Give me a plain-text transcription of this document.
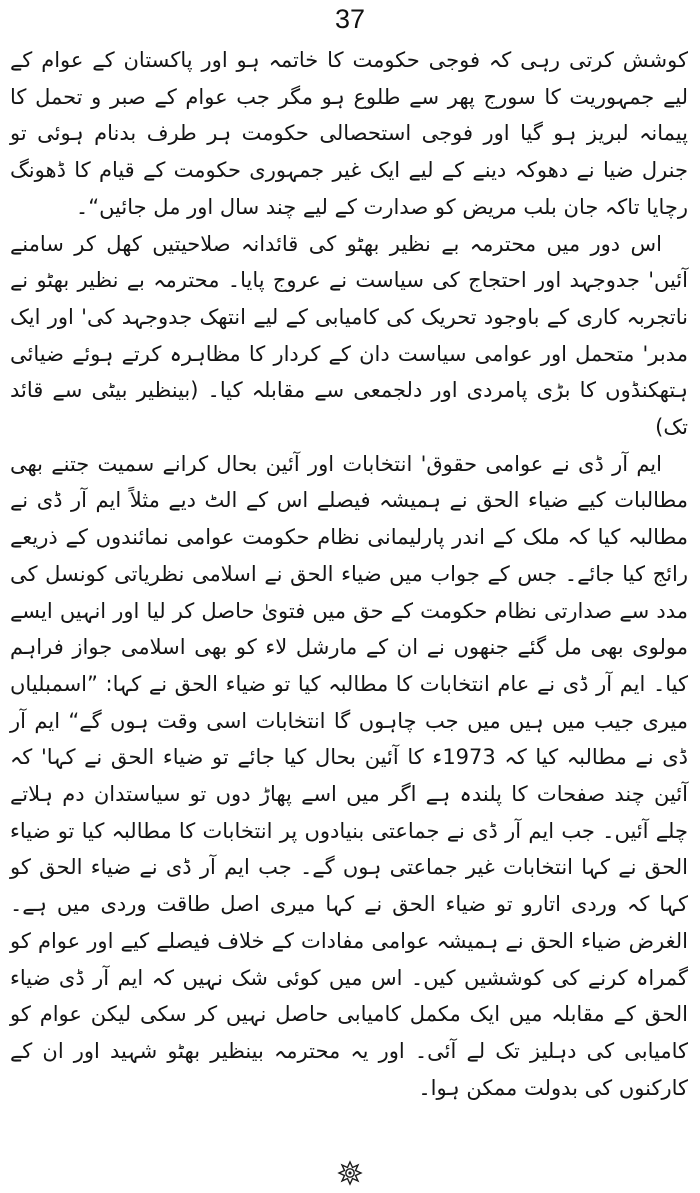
37

کوشش کرتی رہی کہ فوجی حکومت کا خاتمہ ہو اور پاکستان کے عوام کے لیے جمہوریت کا سورج پھر سے طلوع ہو مگر جب عوام کے صبر و تحمل کا پیمانہ لبریز ہو گیا اور فوجی استحصالی حکومت ہر طرف بدنام ہوئی تو جنرل ضیا نے دھوکہ دینے کے لیے ایک غیر جمہوری حکومت کے قیام کا ڈھونگ رچایا تاکہ جان بلب مریض کو صدارت کے لیے چند سال اور مل جائیں“۔

اس دور میں محترمہ بے نظیر بھٹو کی قائدانہ صلاحیتیں کھل کر سامنے آئیں' جدوجہد اور احتجاج کی سیاست نے عروج پایا۔ محترمہ بے نظیر بھٹو نے ناتجربہ کاری کے باوجود تحریک کی کامیابی کے لیے انتھک جدوجہد کی' اور ایک مدبر' متحمل اور عوامی سیاست دان کے کردار کا مظاہرہ کرتے ہوئے ضیائی ہتھکنڈوں کا بڑی پامردی اور دلجمعی سے مقابلہ کیا۔ (بینظیر بیٹی سے قائد تک)

ایم آر ڈی نے عوامی حقوق' انتخابات اور آئین بحال کرانے سمیت جتنے بھی مطالبات کیے ضیاء الحق نے ہمیشہ فیصلے اس کے الٹ دیے مثلاً ایم آر ڈی نے مطالبہ کیا کہ ملک کے اندر پارلیمانی نظام حکومت عوامی نمائندوں کے ذریعے رائج کیا جائے۔ جس کے جواب میں ضیاء الحق نے اسلامی نظریاتی کونسل کی مدد سے صدارتی نظام حکومت کے حق میں فتویٰ حاصل کر لیا اور انہیں ایسے مولوی بھی مل گئے جنھوں نے ان کے مارشل لاء کو بھی اسلامی جواز فراہم کیا۔ ایم آر ڈی نے عام انتخابات کا مطالبہ کیا تو ضیاء الحق نے کہا: ”اسمبلیاں میری جیب میں ہیں میں جب چاہوں گا انتخابات اسی وقت ہوں گے“ ایم آر ڈی نے مطالبہ کیا کہ 1973ء کا آئین بحال کیا جائے تو ضیاء الحق نے کہا' کہ آئین چند صفحات کا پلندہ ہے اگر میں اسے پھاڑ دوں تو سیاستدان دم ہلاتے چلے آئیں۔ جب ایم آر ڈی نے جماعتی بنیادوں پر انتخابات کا مطالبہ کیا تو ضیاء الحق نے کہا انتخابات غیر جماعتی ہوں گے۔ جب ایم آر ڈی نے ضیاء الحق کو کہا کہ وردی اتارو تو ضیاء الحق نے کہا میری اصل طاقت وردی میں ہے۔ الغرض ضیاء الحق نے ہمیشہ عوامی مفادات کے خلاف فیصلے کیے اور عوام کو گمراہ کرنے کی کوششیں کیں۔ اس میں کوئی شک نہیں کہ ایم آر ڈی ضیاء الحق کے مقابلہ میں ایک مکمل کامیابی حاصل نہیں کر سکی لیکن عوام کو کامیابی کی دہلیز تک لے آئی۔ اور یہ محترمہ بینظیر بھٹو شہید اور ان کے کارکنوں کی بدولت ممکن ہوا۔
